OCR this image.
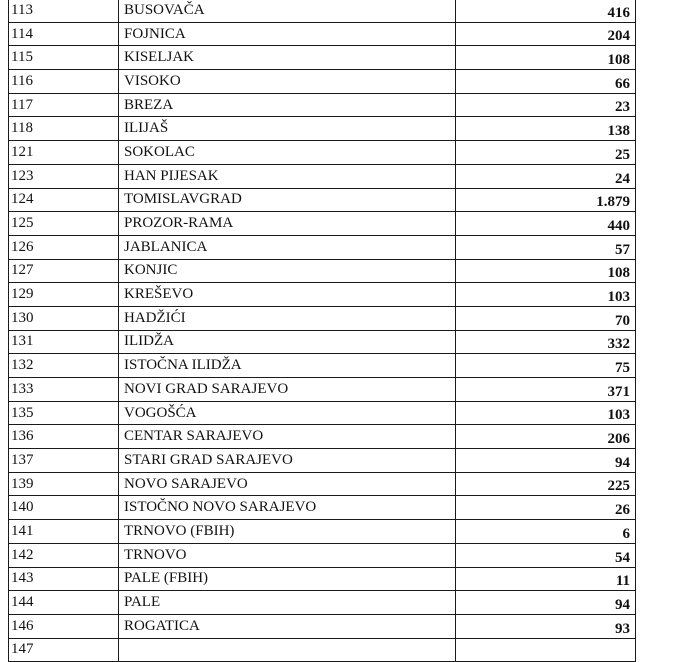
113	BUSOVAČA	416
114	FOJNICA	204
115	KISELJAK	108
116	VISOKO	66
117	BREZA	23
118	ILIJAŠ	138
121	SOKOLAC	25
123	HAN PIJESAK	24
124	TOMISLAVGRAD	1.879
125	PROZOR-RAMA	440
126	JABLANICA	57
127	KONJIC	108
129	KREŠEVO	103
130	HADŽIĆI	70
131	ILIDŽA	332
132	ISTOČNA ILIDŽA	75
133	NOVI GRAD SARAJEVO	371
135	VOGOŠĆA	103
136	CENTAR SARAJEVO	206
137	STARI GRAD SARAJEVO	94
139	NOVO SARAJEVO	225
140	ISTOČNO NOVO SARAJEVO	26
141	TRNOVO (FBIH)	6
142	TRNOVO	54
143	PALE (FBIH)	11
144	PALE	94
146	ROGATICA	93
147		
